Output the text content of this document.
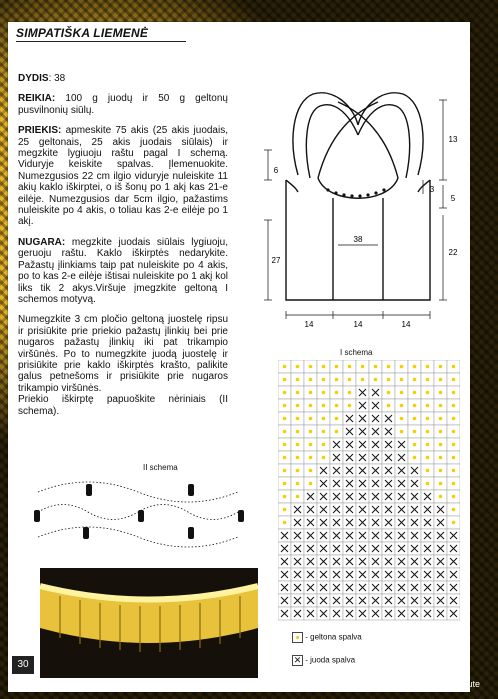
SIMPATIŠKA LIEMENĖ

DYDIS: 38

REIKIA: 100 g juodų ir 50 g geltonų pusvilnonių siūlų.

PRIEKIS: apmeskite 75 akis (25 akis juodais, 25 geltonais, 25 akis juodais siūlais) ir megzkite lygiuoju raštu pagal I schemą. Viduryje keiskite spalvas. Įlemenuokite. Numezgusios 22 cm ilgio viduryje nuleiskite 11 akių kaklo iškirptei, o iš šonų po 1 akį kas 21-e eilėje. Numezgusios dar 5cm ilgio, pažastims nuleiskite po 4 akis, o toliau kas 2-e eilėje po 1 akį.

NUGARA: megzkite juodais siūlais lygiuoju, geruoju raštu. Kaklo iškirptės nedarykite. Pažastų įlinkiams taip pat nuleiskite po 4 akis, po to kas 2-e eilėje ištisai nuleiskite po 1 akį kol liks tik 2 akys.Viršuje įmegzkite geltoną I schemos motyvą.

Numegzkite 3 cm pločio geltoną juostelę ripsu ir prisiūkite prie priekio pažastų įlinkių bei prie nugaros pažastų įlinkių iki pat trikampio viršūnės. Po to numegzkite juodą juostelę ir prisiūkite prie kaklo iškirptės krašto, palikite galus petnešoms ir prisiūkite prie nugaros trikampio viršūnės.
Priekio iškirptę papuoškite nėriniais (II schema).

6
27
13
3
5
22
38
14	14	14
I schema
- geltona spalva
✕ - juoda spalva
II schema
30
Daliute
